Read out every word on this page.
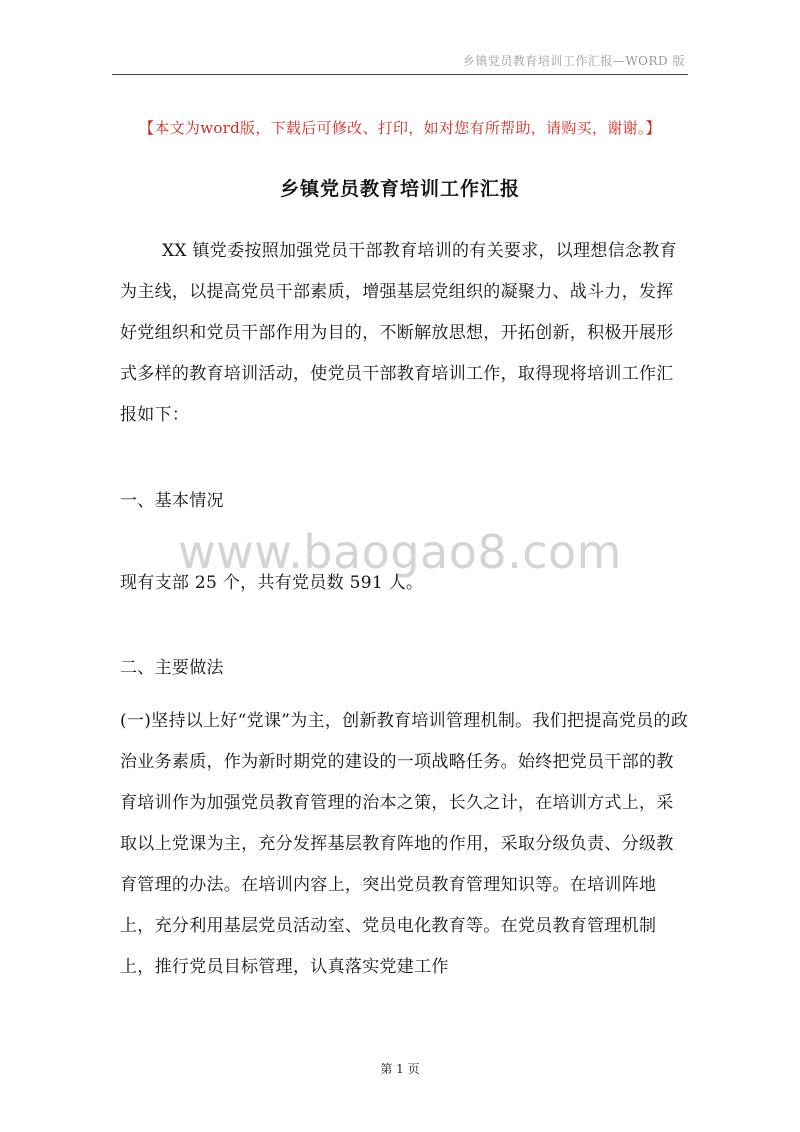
乡镇党员教育培训工作汇报—WORD 版
【本文为word版，下载后可修改、打印，如对您有所帮助，请购买，谢谢。】
乡镇党员教育培训工作汇报

XX 镇党委按照加强党员干部教育培训的有关要求，以理想信念教育为主线，以提高党员干部素质，增强基层党组织的凝聚力、战斗力，发挥好党组织和党员干部作用为目的，不断解放思想，开拓创新，积极开展形式多样的教育培训活动，使党员干部教育培训工作，取得现将培训工作汇报如下：

一、基本情况

www.baogao8.com

现有支部 25 个，共有党员数 591 人。

二、主要做法

(一)坚持以上好“党课”为主，创新教育培训管理机制。我们把提高党员的政治业务素质，作为新时期党的建设的一项战略任务。始终把党员干部的教育培训作为加强党员教育管理的治本之策，长久之计，在培训方式上，采取以上党课为主，充分发挥基层教育阵地的作用，采取分级负责、分级教育管理的办法。在培训内容上，突出党员教育管理知识等。在培训阵地上，充分利用基层党员活动室、党员电化教育等。在党员教育管理机制上，推行党员目标管理，认真落实党建工作

第 1 页
